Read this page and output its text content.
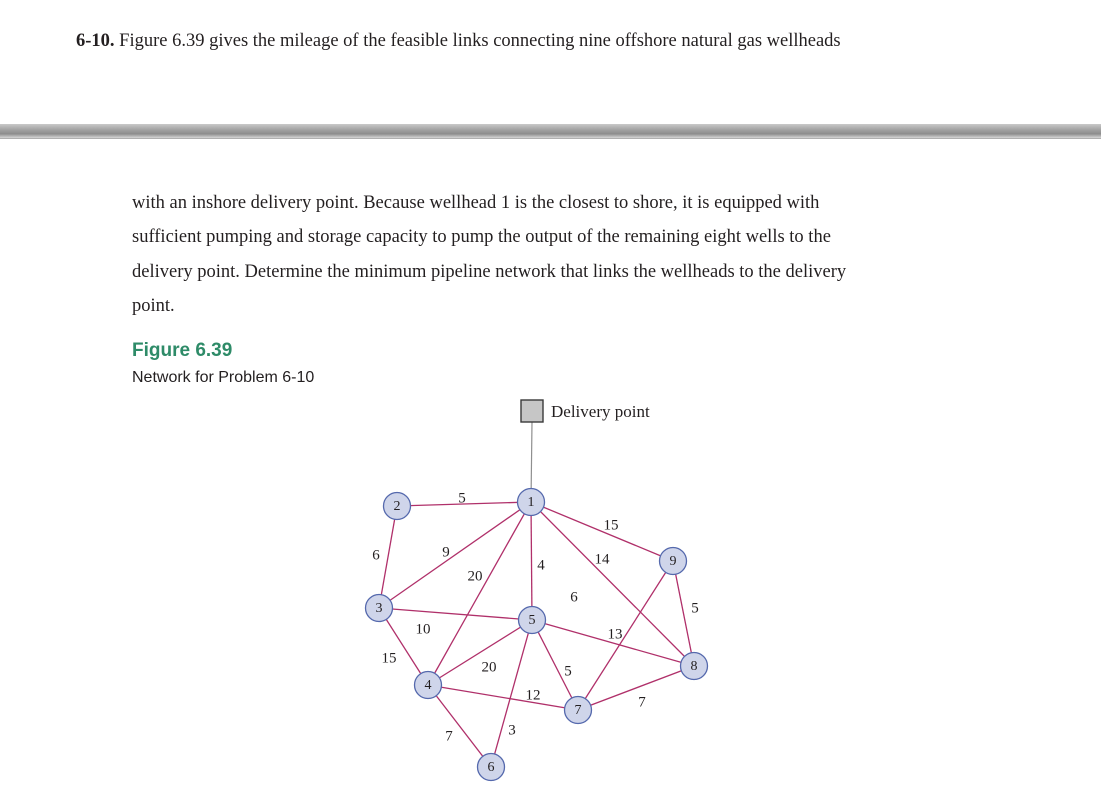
6-10. Figure 6.39 gives the mileage of the feasible links connecting nine offshore natural gas wellheads

with an inshore delivery point. Because wellhead 1 is the closest to shore, it is equipped with
sufficient pumping and storage capacity to pump the output of the remaining eight wells to the
delivery point. Determine the minimum pipeline network that links the wellheads to the delivery
point.

Figure 6.39

Network for Problem 6-10

5
9
20
4
15
14
6
10
15
20
7
12
3
5
13
6
7
5
1
2
3
4
5
6
7
8
9
Delivery point
